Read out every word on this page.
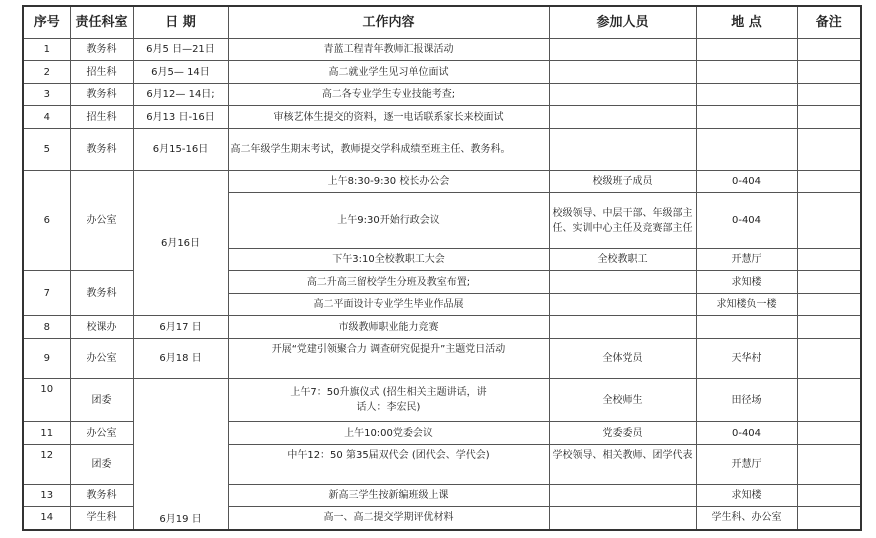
序号	责任科室	日 期	工作内容	参加人员	地 点	备注
1	教务科	6月5 日—21日	青蓝工程青年教师汇报课活动			
2	招生科	6月5— 14日	高二就业学生见习单位面试			
3	教务科	6月12— 14日;	高二各专业学生专业技能考查;			
4	招生科	6月13 日-16日	审核艺体生提交的资料，逐一电话联系家长来校面试			
5	教务科	6月15-16日	高二年级学生期末考试，教师提交学科成绩至班主任、教务科。			
6	办公室	6月16日	上午8:30-9:30 校长办公会	校级班子成员	0-404	
			上午9:30开始行政会议	校级领导、中层干部、年级部主任、实训中心主任及竞赛部主任	0-404	
			下午3:10全校教职工大会	全校教职工	开慧厅	
7	教务科		高二升高三留校学生分班及教室布置;		求知楼	
			高二平面设计专业学生毕业作品展		求知楼负一楼	
8	校课办	6月17 日	市级教师职业能力竞赛			
9	办公室	6月18 日	开展“党建引领聚合力 调查研究促提升”主题党日活动	全体党员	天华村	
10	团委	6月19 日	上午7：50升旗仪式 (招生相关主题讲话，讲话人：李宏民)	全校师生	田径场	
11	办公室		上午10:00党委会议	党委委员	0-404	
12	团委		中午12：50 第35届双代会 (团代会、学代会)	学校领导、相关教师、团学代表	开慧厅	
13	教务科		新高三学生按新编班级上课		求知楼	
14	学生科		高一、高二提交学期评优材料		学生科、办公室	
